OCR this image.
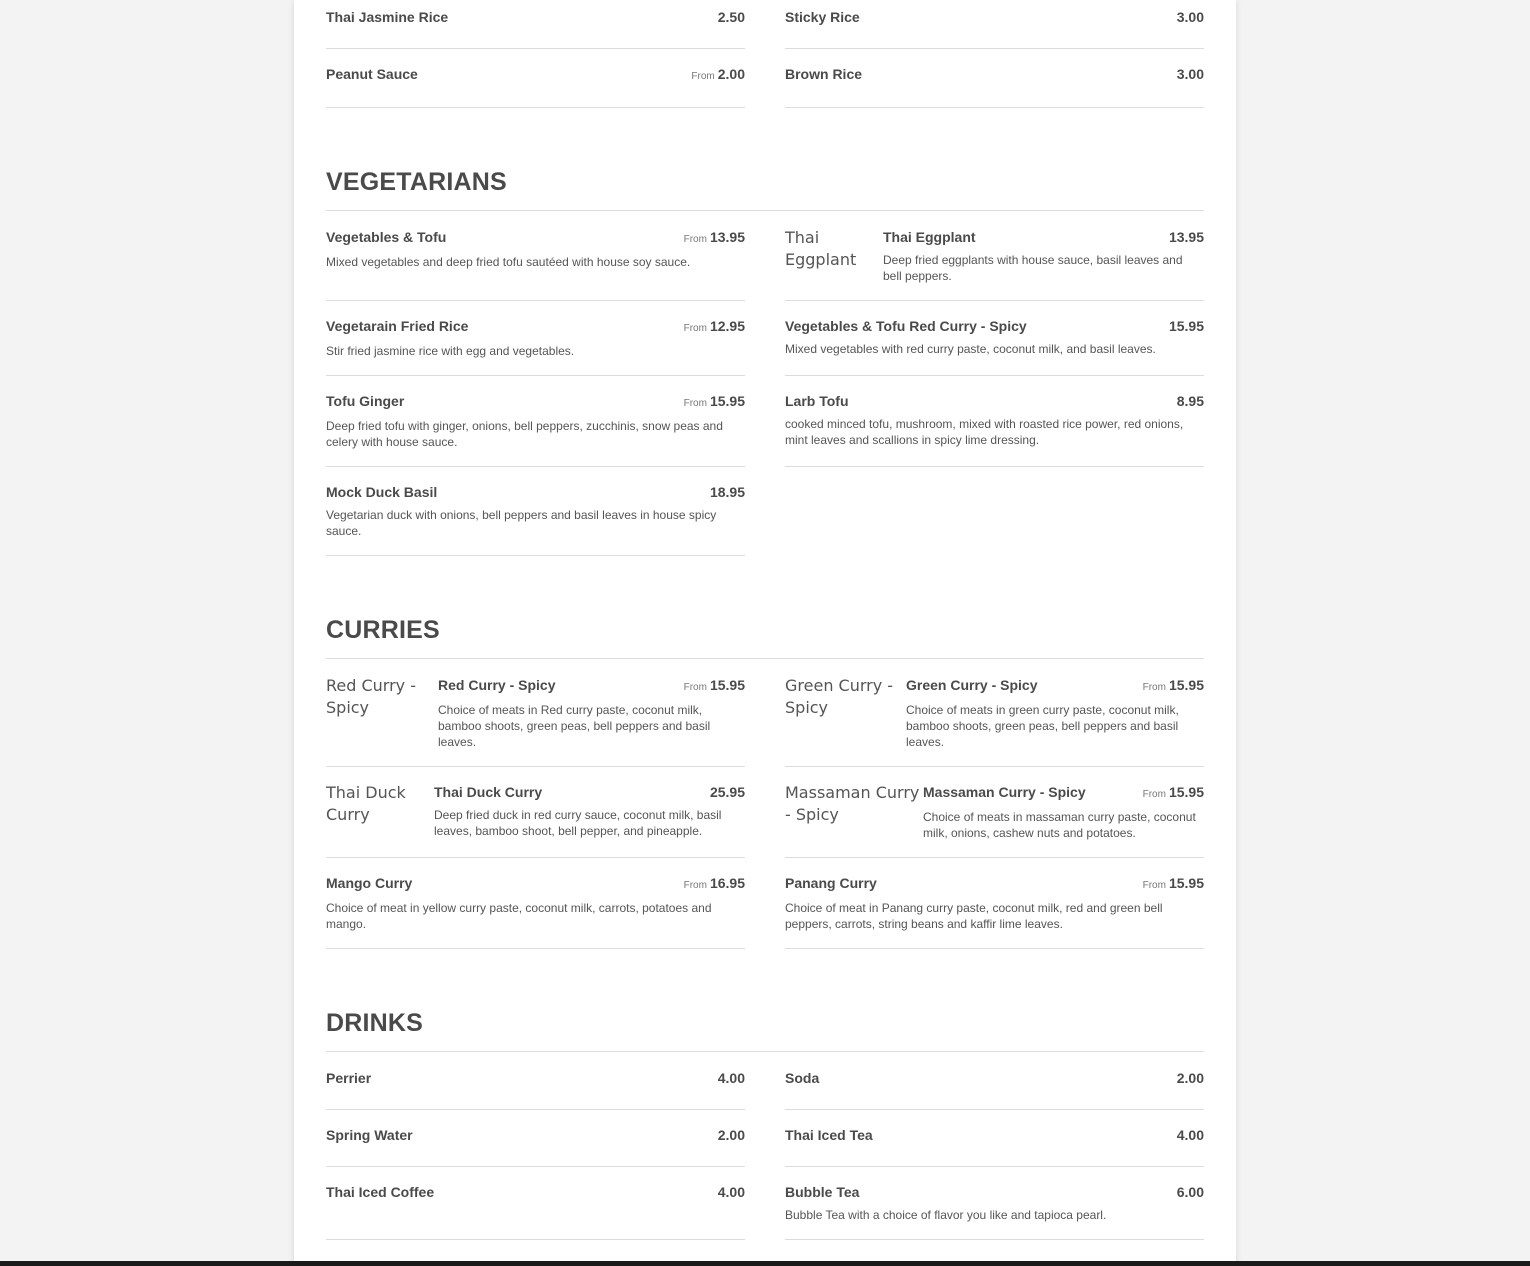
Thai Jasmine Rice	2.50	Sticky Rice	3.00
Peanut Sauce	From 2.00	Brown Rice	3.00
VEGETARIANS
Vegetables & Tofu	From 13.95
Mixed vegetables and deep fried tofu sautéed with house soy sauce.
Thai Eggplant
Thai Eggplant	13.95
Deep fried eggplants with house sauce, basil leaves and bell peppers.
Vegetarain Fried Rice	From 12.95
Stir fried jasmine rice with egg and vegetables.
Vegetables & Tofu Red Curry - Spicy	15.95
Mixed vegetables with red curry paste, coconut milk, and basil leaves.
Tofu Ginger	From 15.95
Deep fried tofu with ginger, onions, bell peppers, zucchinis, snow peas and celery with house sauce.
Larb Tofu	8.95
cooked minced tofu, mushroom, mixed with roasted rice power, red onions, mint leaves and scallions in spicy lime dressing.
Mock Duck Basil	18.95
Vegetarian duck with onions, bell peppers and basil leaves in house spicy sauce.
CURRIES
Red Curry - Spicy
Red Curry - Spicy	From 15.95
Choice of meats in Red curry paste, coconut milk, bamboo shoots, green peas, bell peppers and basil leaves.
Green Curry - Spicy
Green Curry - Spicy	From 15.95
Choice of meats in green curry paste, coconut milk, bamboo shoots, green peas, bell peppers and basil leaves.
Thai Duck Curry
Thai Duck Curry	25.95
Deep fried duck in red curry sauce, coconut milk, basil leaves, bamboo shoot, bell pepper, and pineapple.
Massaman Curry - Spicy
Massaman Curry - Spicy	From 15.95
Choice of meats in massaman curry paste, coconut milk, onions, cashew nuts and potatoes.
Mango Curry	From 16.95
Choice of meat in yellow curry paste, coconut milk, carrots, potatoes and mango.
Panang Curry	From 15.95
Choice of meat in Panang curry paste, coconut milk, red and green bell peppers, carrots, string beans and kaffir lime leaves.
DRINKS
Perrier	4.00	Soda	2.00
Spring Water	2.00	Thai Iced Tea	4.00
Thai Iced Coffee	4.00	Bubble Tea	6.00
Bubble Tea with a choice of flavor you like and tapioca pearl.
